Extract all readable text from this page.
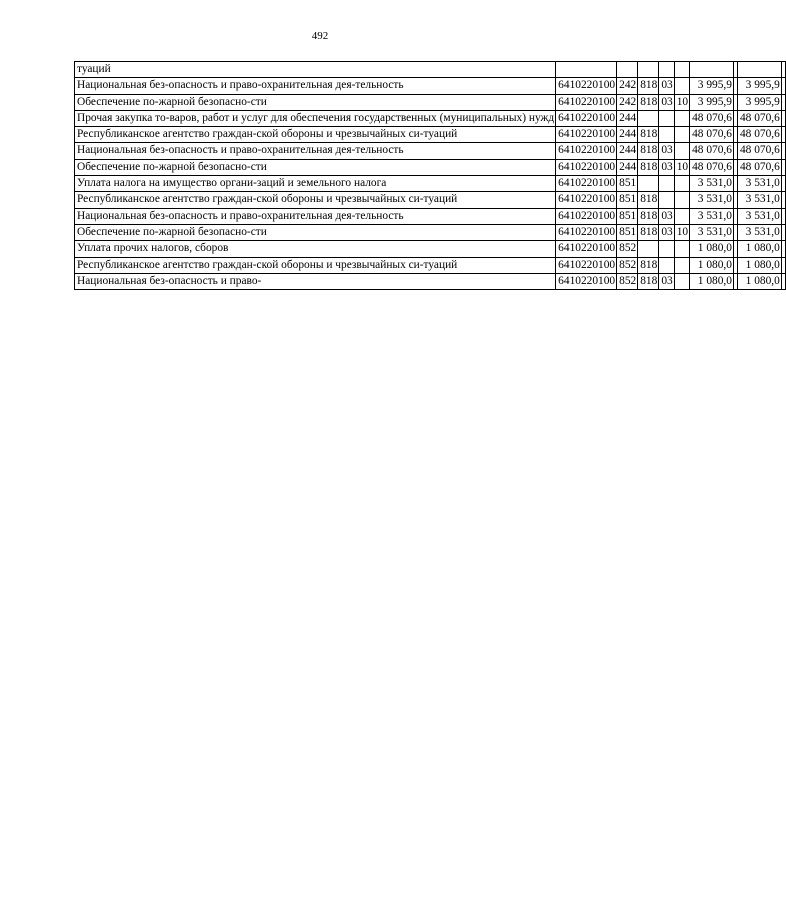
492
туаций									
Национальная без-опасность и право-охранительная дея-тельность	6410220100	242	818	03		3 995,9		3 995,9	
Обеспечение по-жарной безопасно-сти	6410220100	242	818	03	10	3 995,9		3 995,9	
Прочая закупка то-варов, работ и услуг для обеспечения государственных (муниципальных) нужд	6410220100	244				48 070,6		48 070,6	
Республиканское агентство граждан-ской обороны и чрезвычайных си-туаций	6410220100	244	818			48 070,6		48 070,6	
Национальная без-опасность и право-охранительная дея-тельность	6410220100	244	818	03		48 070,6		48 070,6	
Обеспечение по-жарной безопасно-сти	6410220100	244	818	03	10	48 070,6		48 070,6	
Уплата налога на имущество органи-заций и земельного налога	6410220100	851				3 531,0		3 531,0	
Республиканское агентство граждан-ской обороны и чрезвычайных си-туаций	6410220100	851	818			3 531,0		3 531,0	
Национальная без-опасность и право-охранительная дея-тельность	6410220100	851	818	03		3 531,0		3 531,0	
Обеспечение по-жарной безопасно-сти	6410220100	851	818	03	10	3 531,0		3 531,0	
Уплата прочих налогов, сборов	6410220100	852				1 080,0		1 080,0	
Республиканское агентство граждан-ской обороны и чрезвычайных си-туаций	6410220100	852	818			1 080,0		1 080,0	
Национальная без-опасность и право-	6410220100	852	818	03		1 080,0		1 080,0	
